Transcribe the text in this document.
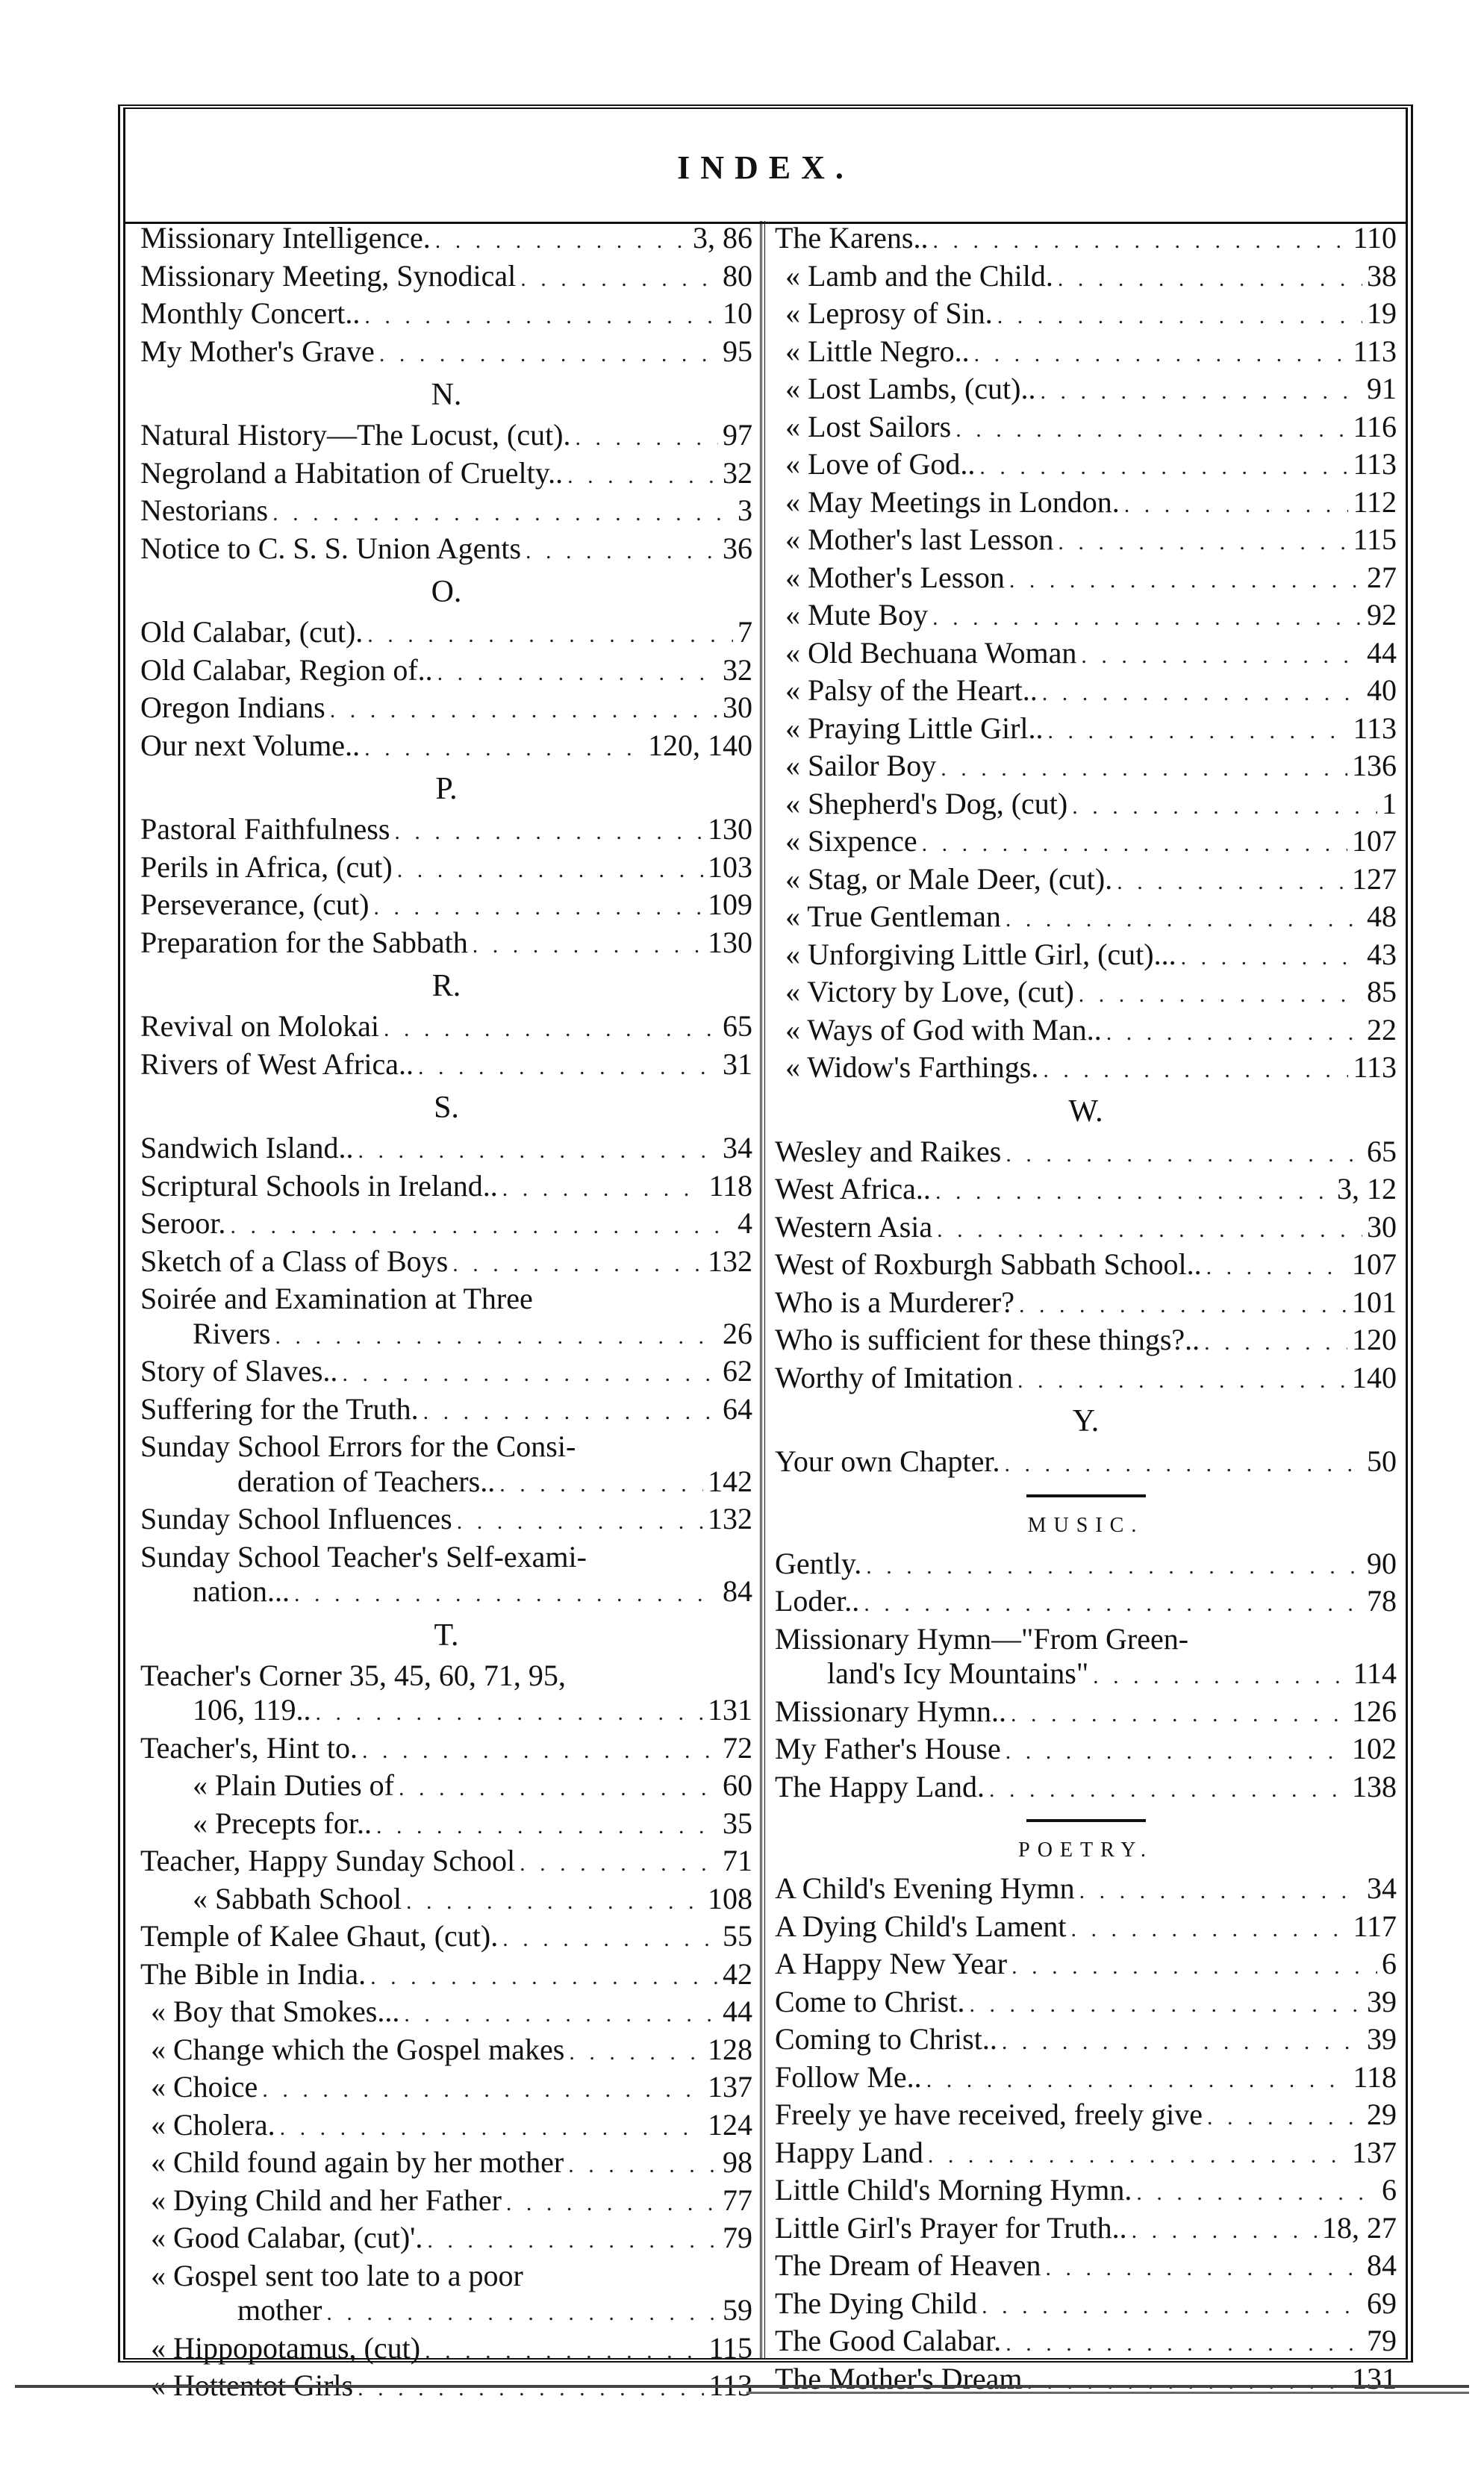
INDEX.
Missionary Intelligence. . . .	3, 86
Missionary Meeting, Synodical . . .	80
Monthly Concert.. . . .	10
My Mother's Grave . . .	95
N.
Natural History—The Locust, (cut). . . .	97
Negroland a Habitation of Cruelty.. . . .	32
Nestorians . . .	3
Notice to C. S. S. Union Agents . . .	36
O.
Old Calabar, (cut). . . .	7
Old Calabar, Region of.. . . .	32
Oregon Indians . . .	30
Our next Volume.. . . .	120, 140
P.
Pastoral Faithfulness . . .	130
Perils in Africa, (cut) . . .	103
Perseverance, (cut) . . .	109
Preparation for the Sabbath . . .	130
R.
Revival on Molokai . . .	65
Rivers of West Africa.. . . .	31
S.
Sandwich Island.. . . .	34
Scriptural Schools in Ireland.. . . .	118
Seroor. . . .	4
Sketch of a Class of Boys . . .	132
Soirée and Examination at Three
Rivers . . .	26
Story of Slaves.. . . .	62
Suffering for the Truth. . . .	64
Sunday School Errors for the Consi-
deration of Teachers.. . . .	142
Sunday School Influences . . .	132
Sunday School Teacher's Self-exami-
nation... . . .	84
T.
Teacher's Corner 35, 45, 60, 71, 95,
106, 119.. . . .	131
Teacher's, Hint to. . . .	72
« Plain Duties of . . .	60
« Precepts for.. . . .	35
Teacher, Happy Sunday School . . .	71
« Sabbath School . . .	108
Temple of Kalee Ghaut, (cut). . . .	55
The Bible in India. . . .	42
« Boy that Smokes... . . .	44
« Change which the Gospel makes . . .	128
« Choice . . .	137
« Cholera. . . .	124
« Child found again by her mother . . .	98
« Dying Child and her Father . . .	77
« Good Calabar, (cut)'. . . .	79
« Gospel sent too late to a poor
mother . . .	59
« Hippopotamus, (cut) . . .	115
« Hottentot Girls . . .	113
The Karens.. . . .	110
« Lamb and the Child. . . .	38
« Leprosy of Sin. . . .	19
« Little Negro.. . . .	113
« Lost Lambs, (cut).. . . .	91
« Lost Sailors . . .	116
« Love of God.. . . .	113
« May Meetings in London. . . .	112
« Mother's last Lesson . . .	115
« Mother's Lesson . . .	27
« Mute Boy . . .	92
« Old Bechuana Woman . . .	44
« Palsy of the Heart.. . . .	40
« Praying Little Girl.. . . .	113
« Sailor Boy . . .	136
« Shepherd's Dog, (cut) . . .	1
« Sixpence . . .	107
« Stag, or Male Deer, (cut). . . .	127
« True Gentleman . . .	48
« Unforgiving Little Girl, (cut)... . . .	43
« Victory by Love, (cut) . . .	85
« Ways of God with Man.. . . .	22
« Widow's Farthings. . . .	113
W.
Wesley and Raikes . . .	65
West Africa.. . . .	3, 12
Western Asia . . .	30
West of Roxburgh Sabbath School.. . . .	107
Who is a Murderer? . . .	101
Who is sufficient for these things?.. . . .	120
Worthy of Imitation . . .	140
Y.
Your own Chapter. . . .	50
MUSIC.
Gently. . . .	90
Loder.. . . .	78
Missionary Hymn—"From Green-
land's Icy Mountains" . . .	114
Missionary Hymn.. . . .	126
My Father's House . . .	102
The Happy Land. . . .	138
POETRY.
A Child's Evening Hymn . . .	34
A Dying Child's Lament . . .	117
A Happy New Year . . .	6
Come to Christ. . . .	39
Coming to Christ.. . . .	39
Follow Me.. . . .	118
Freely ye have received, freely give . . .	29
Happy Land . . .	137
Little Child's Morning Hymn. . . .	6
Little Girl's Prayer for Truth.. . . .	18, 27
The Dream of Heaven . . .	84
The Dying Child . . .	69
The Good Calabar. . . .	79
The Mother's Dream . . .	131
